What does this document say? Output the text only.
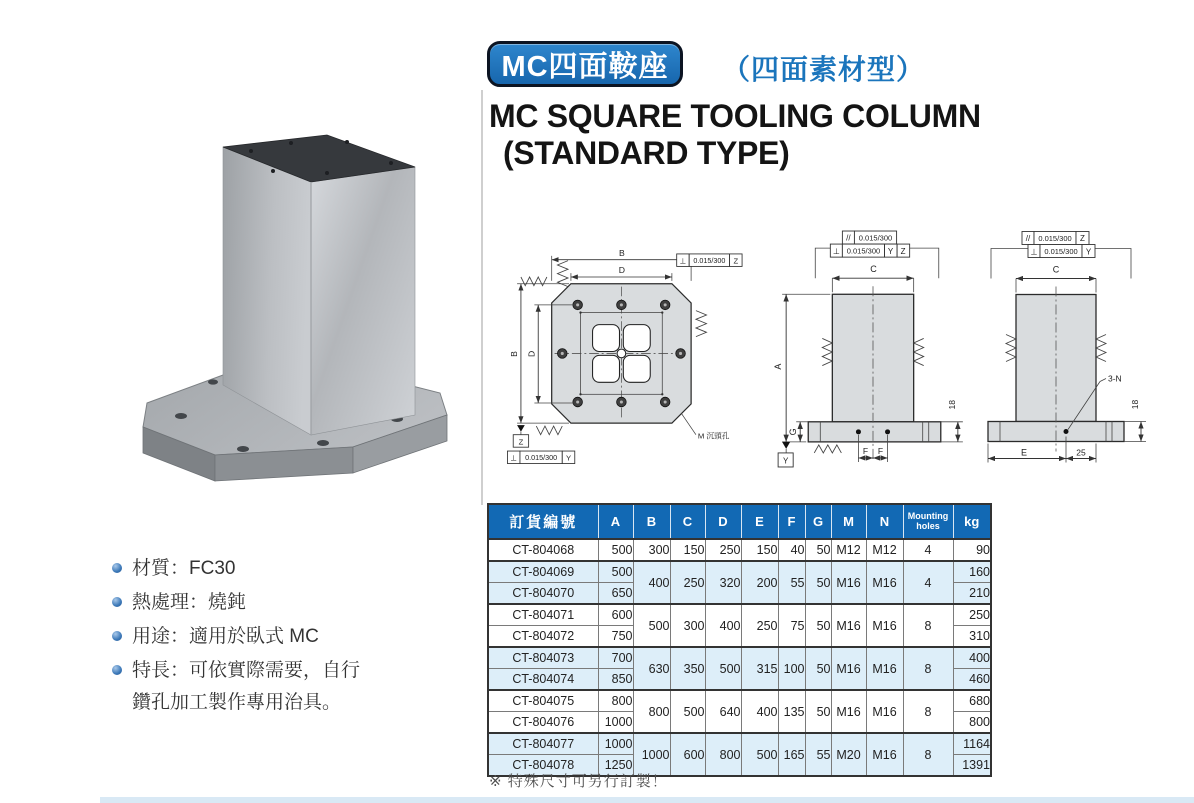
材質：FC30
熱處理：燒鈍
用途：適用於臥式 MC
特長：可依實際需要，自行
鑽孔加工製作專用治具。
MC四面鞍座	（四面素材型）
MC SQUARE TOOLING COLUMN
(STANDARD TYPE)
B
D
B D
⊥ 0.015/300 Z
Z
⊥ 0.015/300 Y
M 沉頭孔
// 0.015/300
⊥ 0.015/300 Y Z
C
A
G
Y
F F
18
// 0.015/300 Z
⊥ 0.015/300 Y
C
3-N
E	25
18
訂貨編號	A	B	C	D	E	F	G	M	N	Mounting holes	kg
CT-804068	500	300	150	250	150	40	50	M12	M12	4	90
CT-804069	500	400	250	320	200	55	50	M16	M16	4	160
CT-804070	650										210
CT-804071	600	500	300	400	250	75	50	M16	M16	8	250
CT-804072	750										310
CT-804073	700	630	350	500	315	100	50	M16	M16	8	400
CT-804074	850										460
CT-804075	800	800	500	640	400	135	50	M16	M16	8	680
CT-804076	1000										800
CT-804077	1000	1000	600	800	500	165	55	M20	M16	8	1164
CT-804078	1250										1391
※ 特殊尺寸可另行訂製！
